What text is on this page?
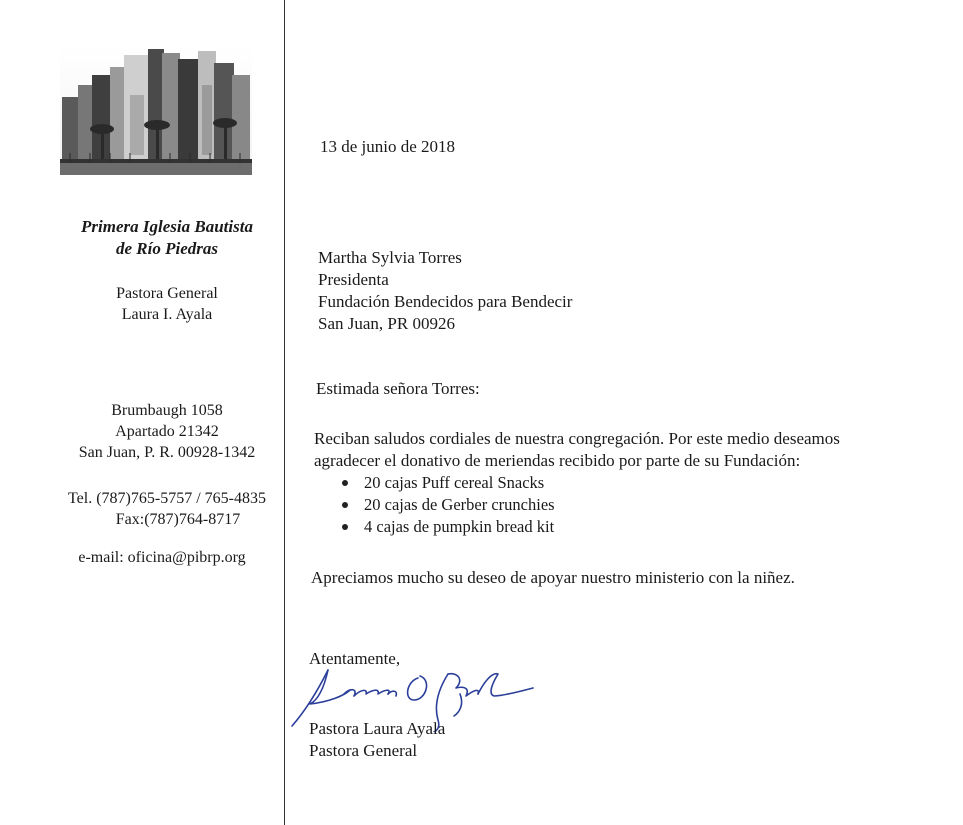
Primera Iglesia Bautista
de Río Piedras
Pastora General
Laura I. Ayala
Brumbaugh 1058
Apartado 21342
San Juan, P. R. 00928-1342
Tel. (787)765-5757 / 765-4835
Fax:(787)764-8717
e-mail: oficina@pibrp.org
13 de junio de 2018
Martha Sylvia Torres
Presidenta
Fundación Bendecidos para Bendecir
San Juan, PR 00926
Estimada señora Torres:
Reciban saludos cordiales de nuestra congregación. Por este medio deseamos
agradecer el donativo de meriendas recibido por parte de su Fundación:
20 cajas Puff cereal Snacks
20 cajas de Gerber crunchies
4 cajas de pumpkin bread kit
Apreciamos mucho su deseo de apoyar nuestro ministerio con la niñez.
Atentamente,
Pastora Laura Ayala
Pastora General
